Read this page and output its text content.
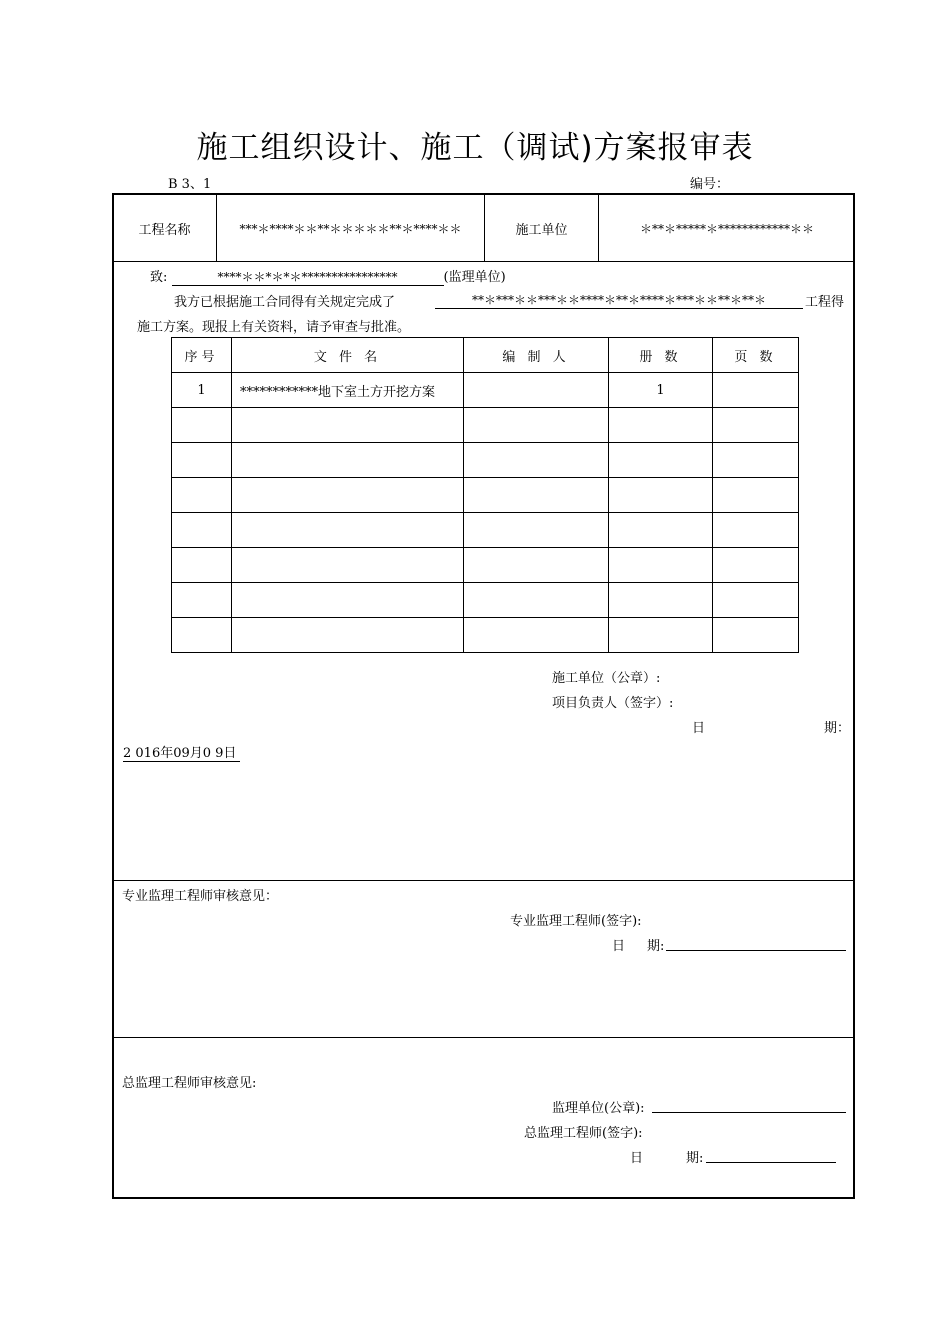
施工组织设计、施工（调试)方案报审表
B 3、1	编号：
工程名称	***＊****＊＊**＊＊＊＊＊**＊****＊＊	施工单位	＊**＊*****＊************＊＊
致:	****＊＊*＊*＊****************	(监理单位)
我方已根据施工合同得有关规定完成了	**＊***＊＊***＊＊****＊**＊****＊***＊＊**＊**＊	工程得
施工方案。现报上有关资料，请予审查与批准。
序号	文 件 名	编 制 人	册 数	页 数
1	************地下室土方开挖方案		1	

施工单位（公章）:
项目负责人（签字）:
日	期：
2 016年09月0 9日
专业监理工程师审核意见：
专业监理工程师(签字):
日 期:
总监理工程师审核意见:
监理单位(公章):
总监理工程师(签字):
日	期:
